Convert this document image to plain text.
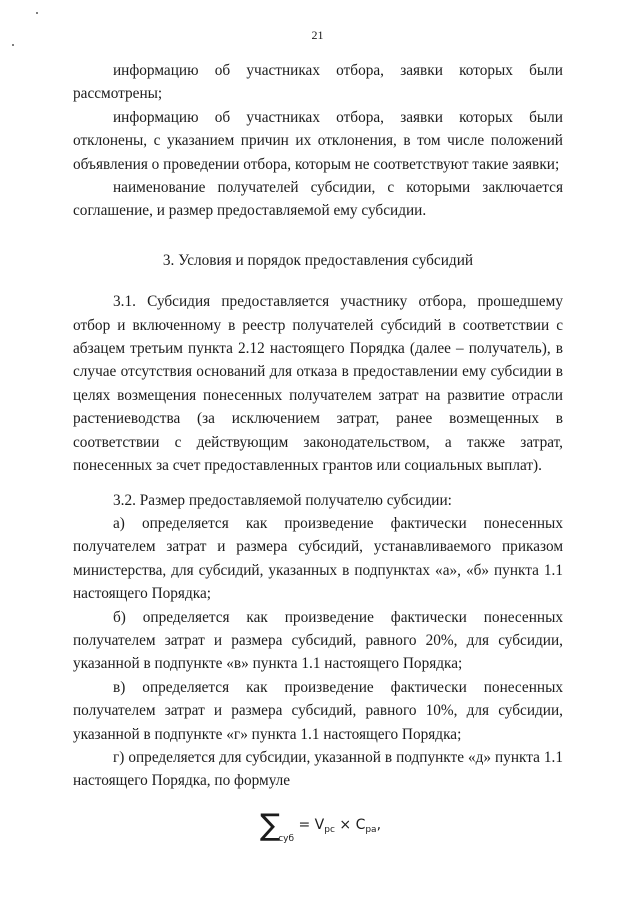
21

информацию об участниках отбора, заявки которых были рассмотрены;

информацию об участниках отбора, заявки которых были отклонены, с указанием причин их отклонения, в том числе положений объявления о проведении отбора, которым не соответствуют такие заявки;

наименование получателей субсидии, с которыми заключается соглашение, и размер предоставляемой ему субсидии.

3. Условия и порядок предоставления субсидий

3.1. Субсидия предоставляется участнику отбора, прошедшему отбор и включенному в реестр получателей субсидий в соответствии с абзацем третьим пункта 2.12 настоящего Порядка (далее – получатель), в случае отсутствия оснований для отказа в предоставлении ему субсидии в целях возмещения понесенных получателем затрат на развитие отрасли растениеводства (за исключением затрат, ранее возмещенных в соответствии с действующим законодательством, а также затрат, понесенных за счет предоставленных грантов или социальных выплат).

3.2. Размер предоставляемой получателю субсидии:

а) определяется как произведение фактически понесенных получателем затрат и размера субсидий, устанавливаемого приказом министерства, для субсидий, указанных в подпунктах «а», «б» пункта 1.1 настоящего Порядка;

б) определяется как произведение фактически понесенных получателем затрат и размера субсидий, равного 20%, для субсидии, указанной в подпункте «в» пункта 1.1 настоящего Порядка;

в) определяется как произведение фактически понесенных получателем затрат и размера субсидий, равного 10%, для субсидии, указанной в подпункте «г» пункта 1.1 настоящего Порядка;

г) определяется для субсидии, указанной в подпункте «д» пункта 1.1 настоящего Порядка, по формуле

$\sum_{суб} = V_{рс} \times С_{ра}$,
